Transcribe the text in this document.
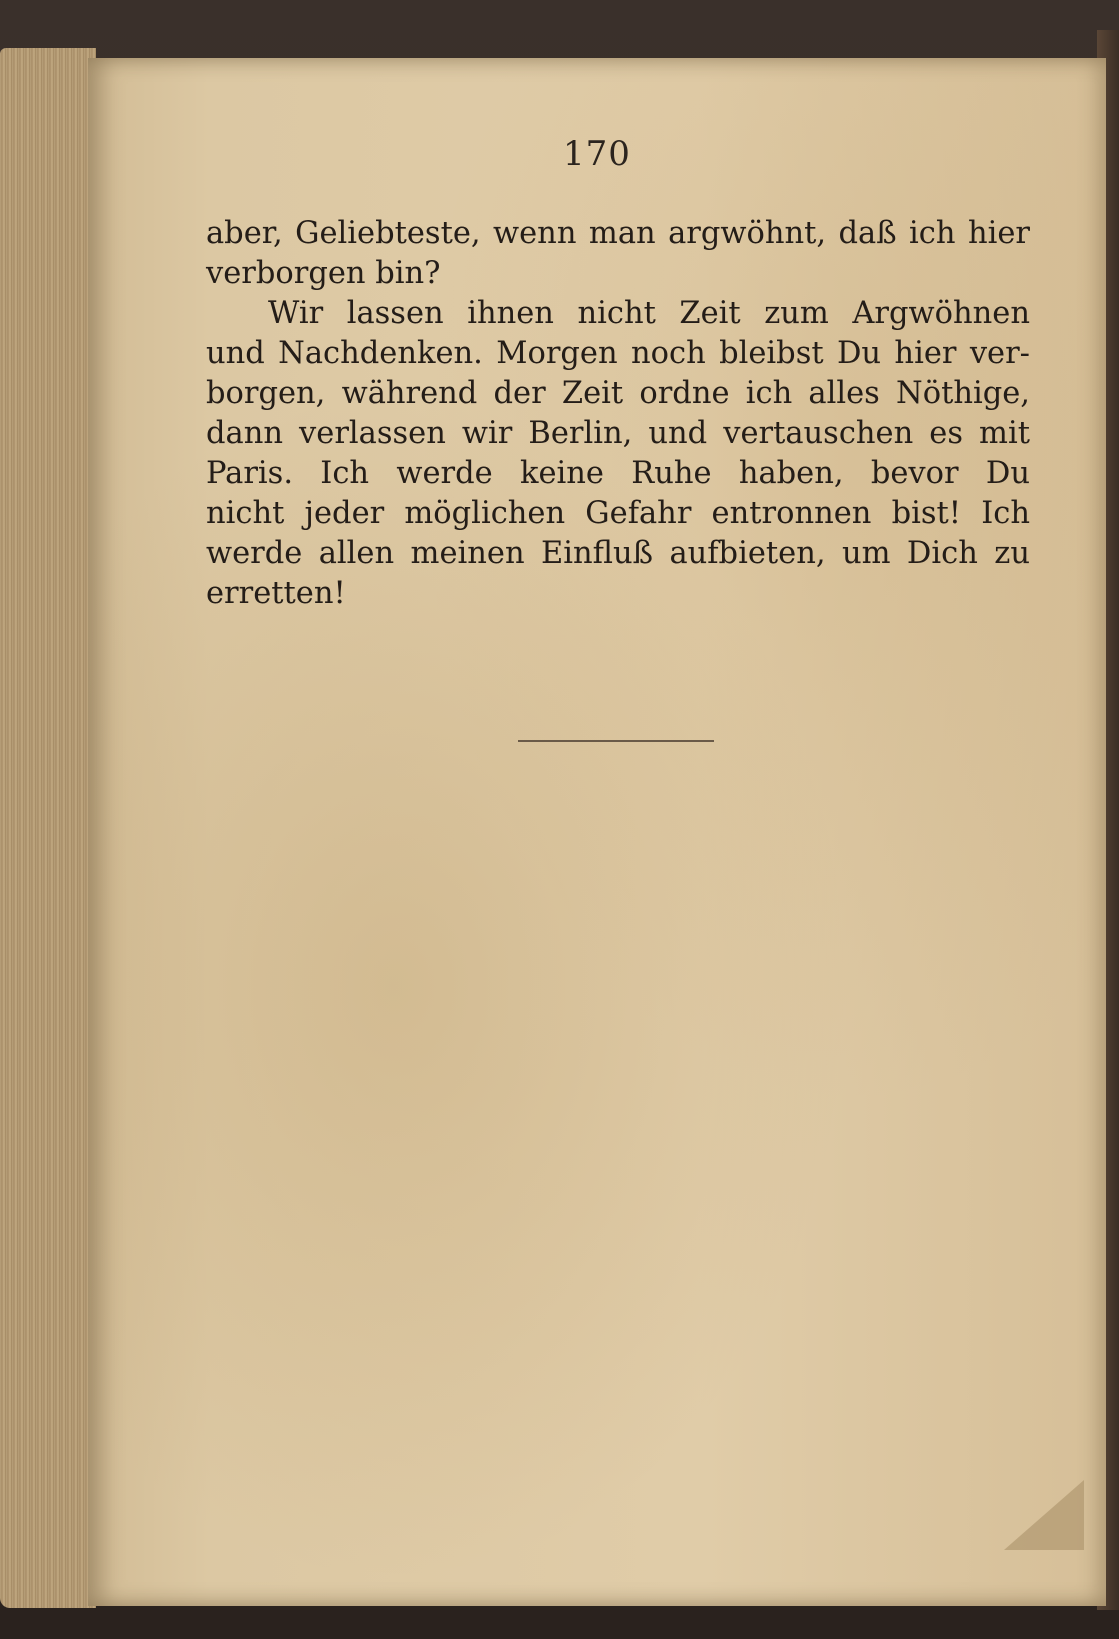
170
aber, Geliebteste, wenn man argwöhnt, daß ich hier
verborgen bin?
Wir lassen ihnen nicht Zeit zum Argwöhnen
und Nachdenken. Morgen noch bleibst Du hier ver-
borgen, während der Zeit ordne ich alles Nöthige,
dann verlassen wir Berlin, und vertauschen es mit
Paris. Ich werde keine Ruhe haben, bevor Du
nicht jeder möglichen Gefahr entronnen bist! Ich
werde allen meinen Einfluß aufbieten, um Dich zu
erretten!
